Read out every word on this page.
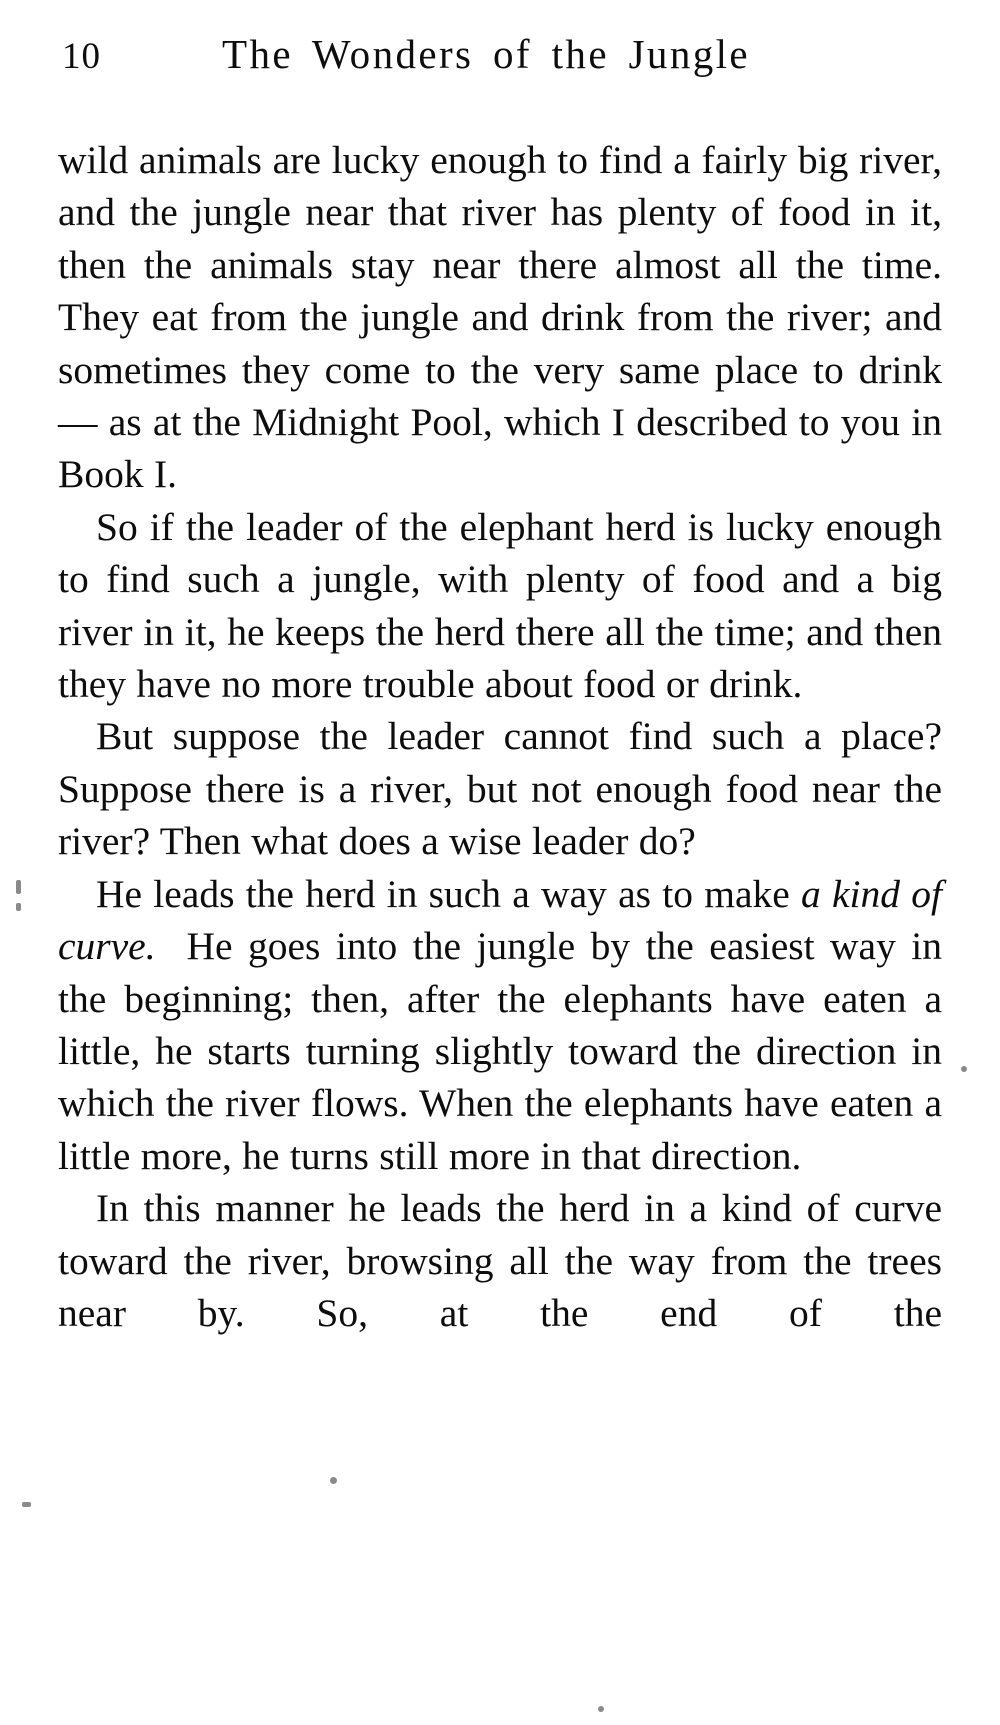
10	The Wonders of the Jungle

wild animals are lucky enough to find a fairly big river, and the jungle near that river has plenty of food in it, then the animals stay near there almost all the time. They eat from the jungle and drink from the river; and sometimes they come to the very same place to drink — as at the Midnight Pool, which I described to you in Book I.

So if the leader of the elephant herd is lucky enough to find such a jungle, with plenty of food and a big river in it, he keeps the herd there all the time; and then they have no more trouble about food or drink.

But suppose the leader cannot find such a place? Suppose there is a river, but not enough food near the river? Then what does a wise leader do?

He leads the herd in such a way as to make a kind of curve. He goes into the jungle by the easiest way in the beginning; then, after the elephants have eaten a little, he starts turning slightly toward the direction in which the river flows. When the elephants have eaten a little more, he turns still more in that direction.

In this manner he leads the herd in a kind of curve toward the river, browsing all the way from the trees near by. So, at the end of the
